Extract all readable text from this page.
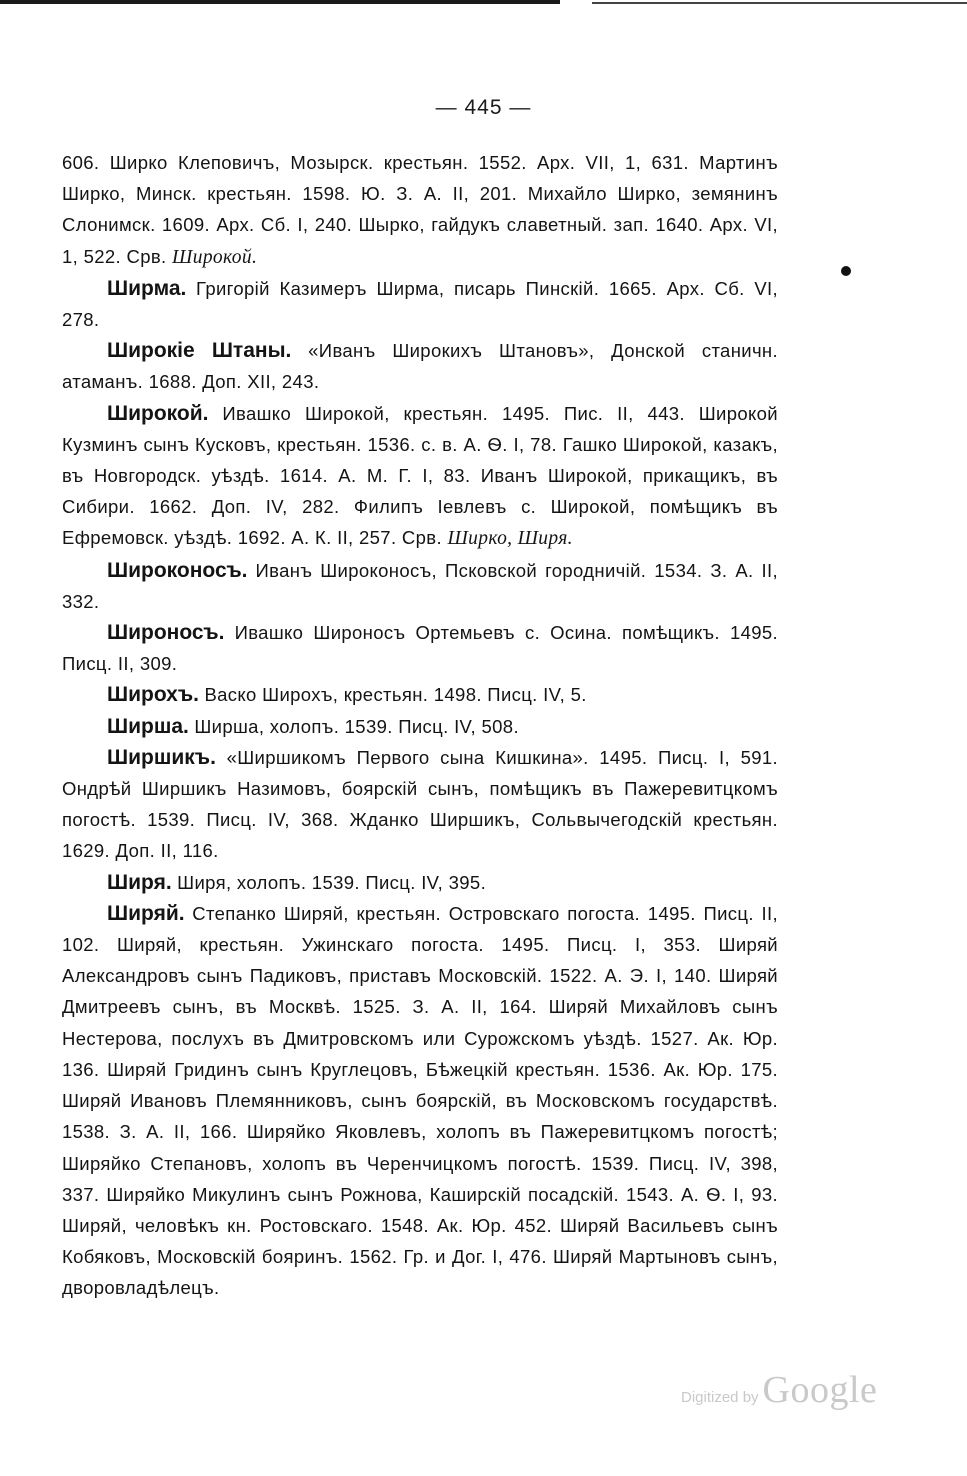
— 445 —

606. Ширко Клеповичъ, Мозырск. крестьян. 1552. Арх. VII, 1, 631. Мартинъ Ширко, Минск. крестьян. 1598. Ю. З. А. II, 201. Михайло Ширко, земянинъ Слонимск. 1609. Арх. Сб. I, 240. Шырко, гайдукъ славетный. зап. 1640. Арх. VI, 1, 522. Срв. Широкой.

Ширма. Григорій Казимеръ Ширма, писарь Пинскій. 1665. Арх. Сб. VI, 278.

Широкіе Штаны. «Иванъ Широкихъ Штановъ», Донской станичн. атаманъ. 1688. Доп. XII, 243.

Широкой. Ивашко Широкой, крестьян. 1495. Пис. II, 443. Широкой Кузминъ сынъ Кусковъ, крестьян. 1536. с. в. А. Ѳ. I, 78. Гашко Широкой, казакъ, въ Новгородск. уѣздѣ. 1614. А. М. Г. I, 83. Иванъ Широкой, прикащикъ, въ Сибири. 1662. Доп. IV, 282. Филипъ Іевлевъ с. Широкой, помѣщикъ въ Ефремовск. уѣздѣ. 1692. А. К. II, 257. Срв. Ширко, Ширя.

Широконосъ. Иванъ Широконосъ, Псковской городничій. 1534. З. А. II, 332.

Широносъ. Ивашко Широносъ Ортемьевъ с. Осина. помѣщикъ. 1495. Писц. II, 309.

Широхъ. Васко Широхъ, крестьян. 1498. Писц. IV, 5.

Ширша. Ширша, холопъ. 1539. Писц. IV, 508.

Ширшикъ. «Ширшикомъ Первого сына Кишкина». 1495. Писц. I, 591. Ондрѣй Ширшикъ Назимовъ, боярскій сынъ, помѣщикъ въ Пажеревитцкомъ погостѣ. 1539. Писц. IV, 368. Жданко Ширшикъ, Сольвычегодскій крестьян. 1629. Доп. II, 116.

Ширя. Ширя, холопъ. 1539. Писц. IV, 395.

Ширяй. Степанко Ширяй, крестьян. Островскаго погоста. 1495. Писц. II, 102. Ширяй, крестьян. Ужинскаго погоста. 1495. Писц. I, 353. Ширяй Александровъ сынъ Падиковъ, приставъ Московскій. 1522. А. Э. I, 140. Ширяй Дмитреевъ сынъ, въ Москвѣ. 1525. З. А. II, 164. Ширяй Михайловъ сынъ Нестерова, послухъ въ Дмитровскомъ или Сурожскомъ уѣздѣ. 1527. Ак. Юр. 136. Ширяй Гридинъ сынъ Круглецовъ, Бѣжецкій крестьян. 1536. Ак. Юр. 175. Ширяй Ивановъ Племянниковъ, сынъ боярскій, въ Московскомъ государствѣ. 1538. З. А. II, 166. Ширяйко Яковлевъ, холопъ въ Пажеревитцкомъ погостѣ; Ширяйко Степановъ, холопъ въ Черенчицкомъ погостѣ. 1539. Писц. IV, 398, 337. Ширяйко Микулинъ сынъ Рожнова, Каширскій посадскій. 1543. А. Ѳ. I, 93. Ширяй, человѣкъ кн. Ростовскаго. 1548. Ак. Юр. 452. Ширяй Васильевъ сынъ Кобяковъ, Московскій бояринъ. 1562. Гр. и Дог. I, 476. Ширяй Мартыновъ сынъ, дворовладѣлецъ.

Digitized by Google
